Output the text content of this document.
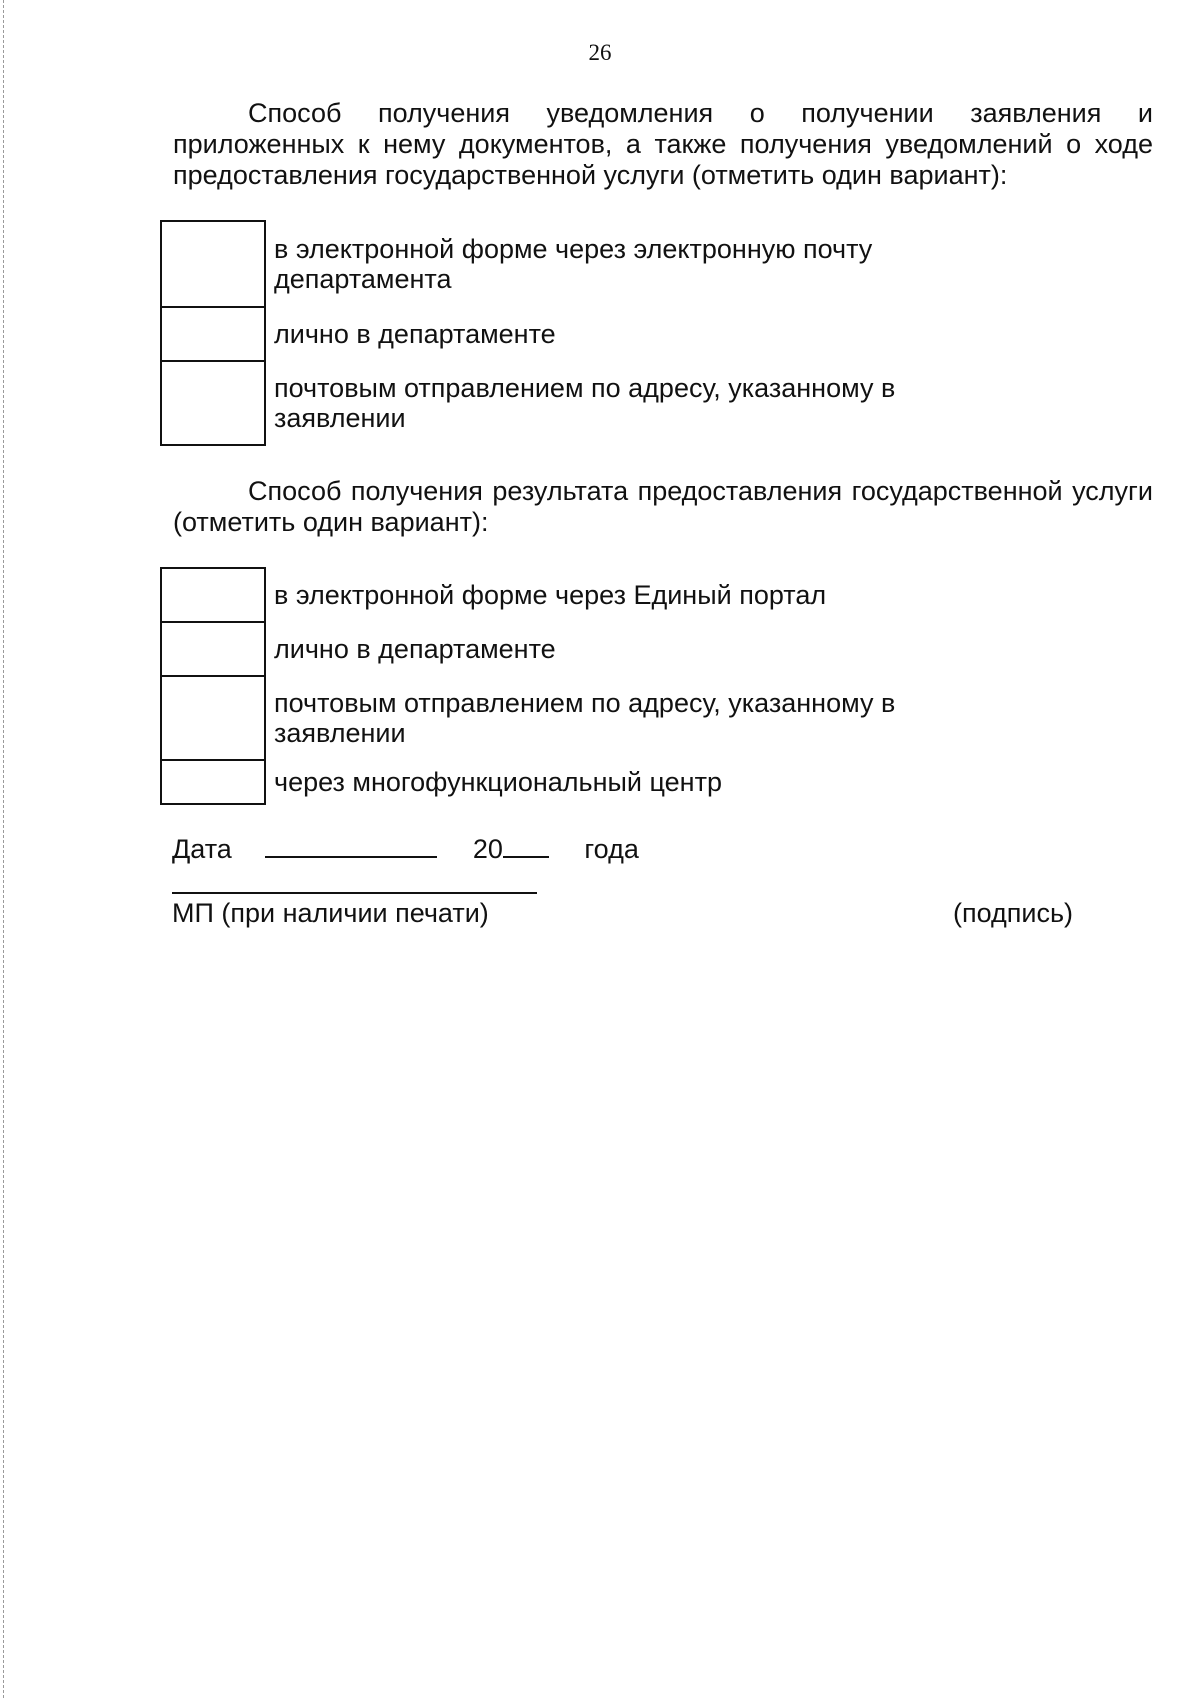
26
Способ получения уведомления о получении заявления и приложенных к нему документов, а также получения уведомлений о ходе предоставления государственной услуги (отметить один вариант):

	в электронной форме через электронную почту департамента

	лично в департаменте

	почтовым отправлением по адресу, указанному в заявлении
Способ получения результата предоставления государственной услуги (отметить один вариант):

	в электронной форме через Единый портал

	лично в департаменте

	почтовым отправлением по адресу, указанному в заявлении

	через многофункциональный центр
Дата	20	года
МП (при наличии печати)	(подпись)
